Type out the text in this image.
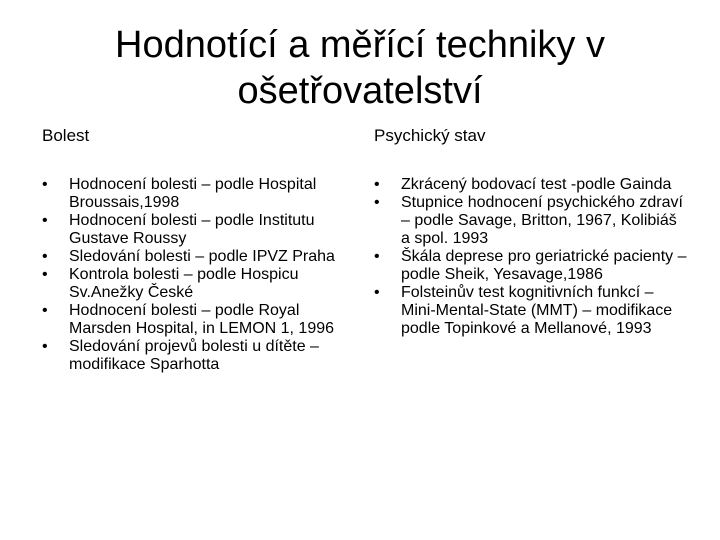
Hodnotící a měřící techniky v ošetřovatelství
Bolest
• Hodnocení bolesti – podle Hospital Broussais,1998
• Hodnocení bolesti – podle Institutu Gustave Roussy
• Sledování bolesti – podle IPVZ Praha
• Kontrola bolesti – podle Hospicu Sv.Anežky České
• Hodnocení bolesti – podle Royal Marsden Hospital, in LEMON 1, 1996
• Sledování projevů bolesti u dítěte – modifikace Sparhotta
Psychický stav
• Zkrácený bodovací test -podle Gainda
• Stupnice hodnocení psychického zdraví – podle Savage, Britton, 1967, Kolibiáš a spol. 1993
• Škála deprese pro geriatrické pacienty – podle Sheik, Yesavage,1986
• Folsteinův test kognitivních funkcí – Mini-Mental-State (MMT) – modifikace podle Topinkové a Mellanové, 1993
